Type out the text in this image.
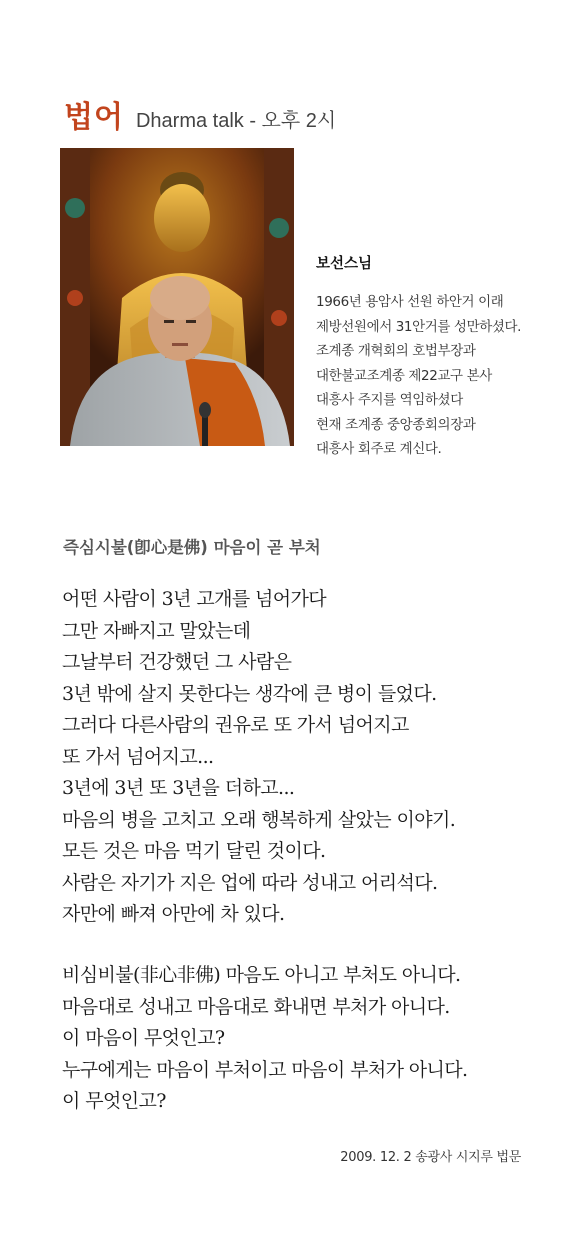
법어 Dharma talk - 오후 2시
보선스님
1966년 용암사 선원 하안거 이래
제방선원에서 31안거를 성만하셨다.
조계종 개혁회의 호법부장과
대한불교조계종 제22교구 본사
대흥사 주지를 역임하셨다
현재 조계종 중앙종회의장과
대흥사 회주로 계신다.
즉심시불(卽心是佛) 마음이 곧 부처
어떤 사람이 3년 고개를 넘어가다
그만 자빠지고 말았는데
그날부터 건강했던 그 사람은
3년 밖에 살지 못한다는 생각에 큰 병이 들었다.
그러다 다른사람의 권유로 또 가서 넘어지고
또 가서 넘어지고...
3년에 3년 또 3년을 더하고...
마음의 병을 고치고 오래 행복하게 살았는 이야기.
모든 것은 마음 먹기 달린 것이다.
사람은 자기가 지은 업에 따라 성내고 어리석다.
자만에 빠져 아만에 차 있다.
비심비불(非心非佛) 마음도 아니고 부처도 아니다.
마음대로 성내고 마음대로 화내면 부처가 아니다.
이 마음이 무엇인고?
누구에게는 마음이 부처이고 마음이 부처가 아니다.
이 무엇인고?
2009. 12. 2 송광사 시지루 법문
